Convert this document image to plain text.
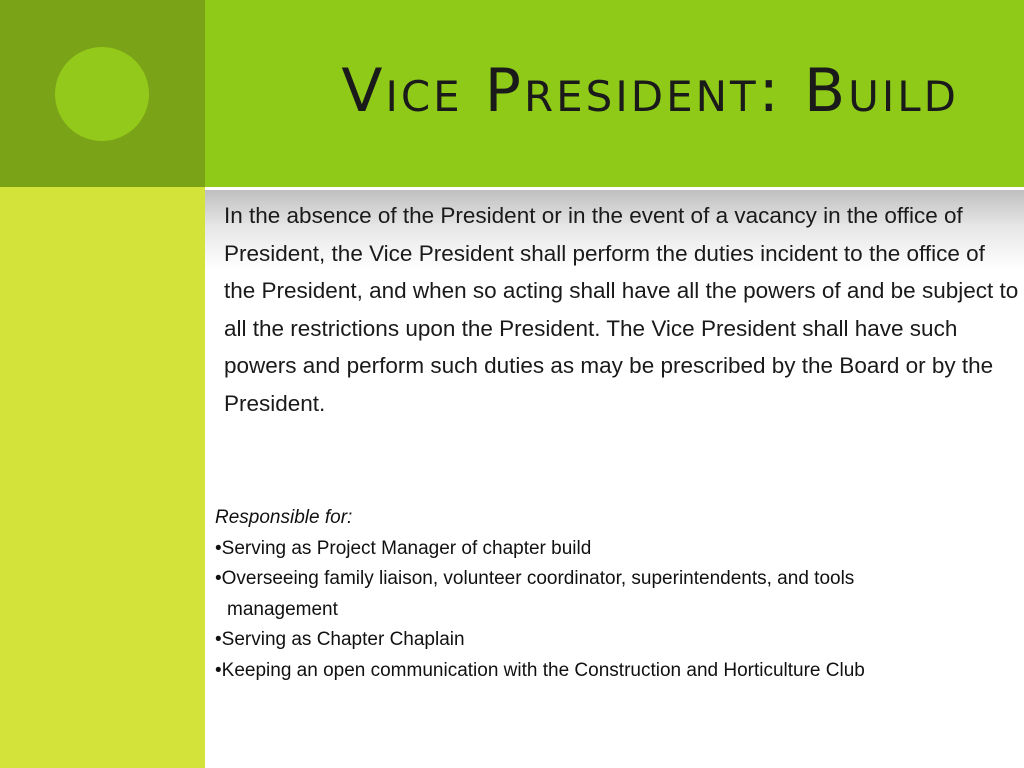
Vice President: Build

In the absence of the President or in the event of a vacancy in the office of President, the Vice President shall perform the duties incident to the office of the President, and when so acting shall have all the powers of and be subject to all the restrictions upon the President. The Vice President shall have such powers and perform such duties as may be prescribed by the Board or by the President.

Responsible for:
•Serving as Project Manager of chapter build
•Overseeing family liaison, volunteer coordinator, superintendents, and tools
management
•Serving as Chapter Chaplain
•Keeping an open communication with the Construction and Horticulture Club
